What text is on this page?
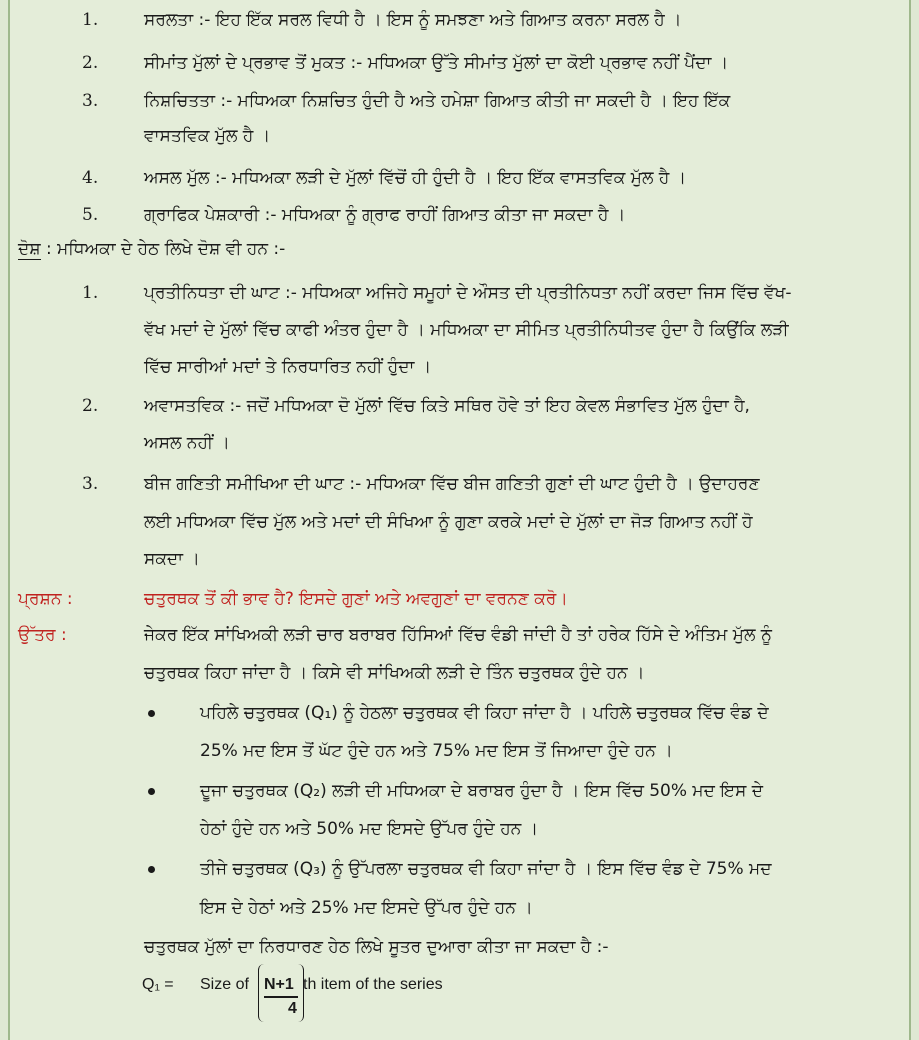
1.	ਸਰਲਤਾ :- ਇਹ ਇੱਕ ਸਰਲ ਵਿਧੀ ਹੈ । ਇਸ ਨੂੰ ਸਮਝਣਾ ਅਤੇ ਗਿਆਤ ਕਰਨਾ ਸਰਲ ਹੈ ।
2.	ਸੀਮਾਂਤ ਮੁੱਲਾਂ ਦੇ ਪ੍ਰਭਾਵ ਤੋਂ ਮੁਕਤ :- ਮਧਿਅਕਾ ਉੱਤੇ ਸੀਮਾਂਤ ਮੁੱਲਾਂ ਦਾ ਕੋਈ ਪ੍ਰਭਾਵ ਨਹੀਂ ਪੈਂਦਾ ।
3.	ਨਿਸ਼ਚਿਤਤਾ :- ਮਧਿਅਕਾ ਨਿਸ਼ਚਿਤ ਹੁੰਦੀ ਹੈ ਅਤੇ ਹਮੇਸ਼ਾ ਗਿਆਤ ਕੀਤੀ ਜਾ ਸਕਦੀ ਹੈ । ਇਹ ਇੱਕ
ਵਾਸਤਵਿਕ ਮੁੱਲ ਹੈ ।
4.	ਅਸਲ ਮੁੱਲ :- ਮਧਿਅਕਾ ਲੜੀ ਦੇ ਮੁੱਲਾਂ ਵਿੱਚੋਂ ਹੀ ਹੁੰਦੀ ਹੈ । ਇਹ ਇੱਕ ਵਾਸਤਵਿਕ ਮੁੱਲ ਹੈ ।
5.	ਗ੍ਰਾਫਿਕ ਪੇਸ਼ਕਾਰੀ :- ਮਧਿਅਕਾ ਨੂੰ ਗ੍ਰਾਫ ਰਾਹੀਂ ਗਿਆਤ ਕੀਤਾ ਜਾ ਸਕਦਾ ਹੈ ।
ਦੋਸ਼ : ਮਧਿਅਕਾ ਦੇ ਹੇਠ ਲਿਖੇ ਦੋਸ਼ ਵੀ ਹਨ :-
1.	ਪ੍ਰਤੀਨਿਧਤਾ ਦੀ ਘਾਟ :- ਮਧਿਅਕਾ ਅਜਿਹੇ ਸਮੂਹਾਂ ਦੇ ਔਸਤ ਦੀ ਪ੍ਰਤੀਨਿਧਤਾ ਨਹੀਂ ਕਰਦਾ ਜਿਸ ਵਿੱਚ ਵੱਖ-
ਵੱਖ ਮਦਾਂ ਦੇ ਮੁੱਲਾਂ ਵਿੱਚ ਕਾਫੀ ਅੰਤਰ ਹੁੰਦਾ ਹੈ । ਮਧਿਅਕਾ ਦਾ ਸੀਮਿਤ ਪ੍ਰਤੀਨਿਧੀਤਵ ਹੁੰਦਾ ਹੈ ਕਿਉਂਕਿ ਲੜੀ
ਵਿੱਚ ਸਾਰੀਆਂ ਮਦਾਂ ਤੇ ਨਿਰਧਾਰਿਤ ਨਹੀਂ ਹੁੰਦਾ ।
2.	ਅਵਾਸਤਵਿਕ :- ਜਦੋਂ ਮਧਿਅਕਾ ਦੋ ਮੁੱਲਾਂ ਵਿੱਚ ਕਿਤੇ ਸਥਿਰ ਹੋਵੇ ਤਾਂ ਇਹ ਕੇਵਲ ਸੰਭਾਵਿਤ ਮੁੱਲ ਹੁੰਦਾ ਹੈ,
ਅਸਲ ਨਹੀਂ ।
3.	ਬੀਜ ਗਣਿਤੀ ਸਮੀਖਿਆ ਦੀ ਘਾਟ :- ਮਧਿਅਕਾ ਵਿੱਚ ਬੀਜ ਗਣਿਤੀ ਗੁਣਾਂ ਦੀ ਘਾਟ ਹੁੰਦੀ ਹੈ । ਉਦਾਹਰਣ
ਲਈ ਮਧਿਅਕਾ ਵਿੱਚ ਮੁੱਲ ਅਤੇ ਮਦਾਂ ਦੀ ਸੰਖਿਆ ਨੂੰ ਗੁਣਾ ਕਰਕੇ ਮਦਾਂ ਦੇ ਮੁੱਲਾਂ ਦਾ ਜੋੜ ਗਿਆਤ ਨਹੀਂ ਹੋ
ਸਕਦਾ ।
ਪ੍ਰਸ਼ਨ :	ਚਤੁਰਥਕ ਤੋਂ ਕੀ ਭਾਵ ਹੈ? ਇਸਦੇ ਗੁਣਾਂ ਅਤੇ ਅਵਗੁਣਾਂ ਦਾ ਵਰਨਣ ਕਰੋ।
ਉੱਤਰ :	ਜੇਕਰ ਇੱਕ ਸਾਂਖਿਅਕੀ ਲੜੀ ਚਾਰ ਬਰਾਬਰ ਹਿੱਸਿਆਂ ਵਿੱਚ ਵੰਡੀ ਜਾਂਦੀ ਹੈ ਤਾਂ ਹਰੇਕ ਹਿੱਸੇ ਦੇ ਅੰਤਿਮ ਮੁੱਲ ਨੂੰ
ਚਤੁਰਥਕ ਕਿਹਾ ਜਾਂਦਾ ਹੈ । ਕਿਸੇ ਵੀ ਸਾਂਖਿਅਕੀ ਲੜੀ ਦੇ ਤਿੰਨ ਚਤੁਰਥਕ ਹੁੰਦੇ ਹਨ ।
ਪਹਿਲੇ ਚਤੁਰਥਕ (Q₁) ਨੂੰ ਹੇਠਲਾ ਚਤੁਰਥਕ ਵੀ ਕਿਹਾ ਜਾਂਦਾ ਹੈ । ਪਹਿਲੇ ਚਤੁਰਥਕ ਵਿੱਚ ਵੰਡ ਦੇ
25% ਮਦ ਇਸ ਤੋਂ ਘੱਟ ਹੁੰਦੇ ਹਨ ਅਤੇ 75% ਮਦ ਇਸ ਤੋਂ ਜਿਆਦਾ ਹੁੰਦੇ ਹਨ ।
ਦੂਜਾ ਚਤੁਰਥਕ (Q₂) ਲੜੀ ਦੀ ਮਧਿਅਕਾ ਦੇ ਬਰਾਬਰ ਹੁੰਦਾ ਹੈ । ਇਸ ਵਿੱਚ 50% ਮਦ ਇਸ ਦੇ
ਹੇਠਾਂ ਹੁੰਦੇ ਹਨ ਅਤੇ 50% ਮਦ ਇਸਦੇ ਉੱਪਰ ਹੁੰਦੇ ਹਨ ।
ਤੀਜੇ ਚਤੁਰਥਕ (Q₃) ਨੂੰ ਉੱਪਰਲਾ ਚਤੁਰਥਕ ਵੀ ਕਿਹਾ ਜਾਂਦਾ ਹੈ । ਇਸ ਵਿੱਚ ਵੰਡ ਦੇ 75% ਮਦ
ਇਸ ਦੇ ਹੇਠਾਂ ਅਤੇ 25% ਮਦ ਇਸਦੇ ਉੱਪਰ ਹੁੰਦੇ ਹਨ ।
ਚਤੁਰਥਕ ਮੁੱਲਾਂ ਦਾ ਨਿਰਧਾਰਣ ਹੇਠ ਲਿਖੇ ਸੂਤਰ ਦੁਆਰਾ ਕੀਤਾ ਜਾ ਸਕਦਾ ਹੈ :-
Q₁ = Size of N+1
4
th item of the series
